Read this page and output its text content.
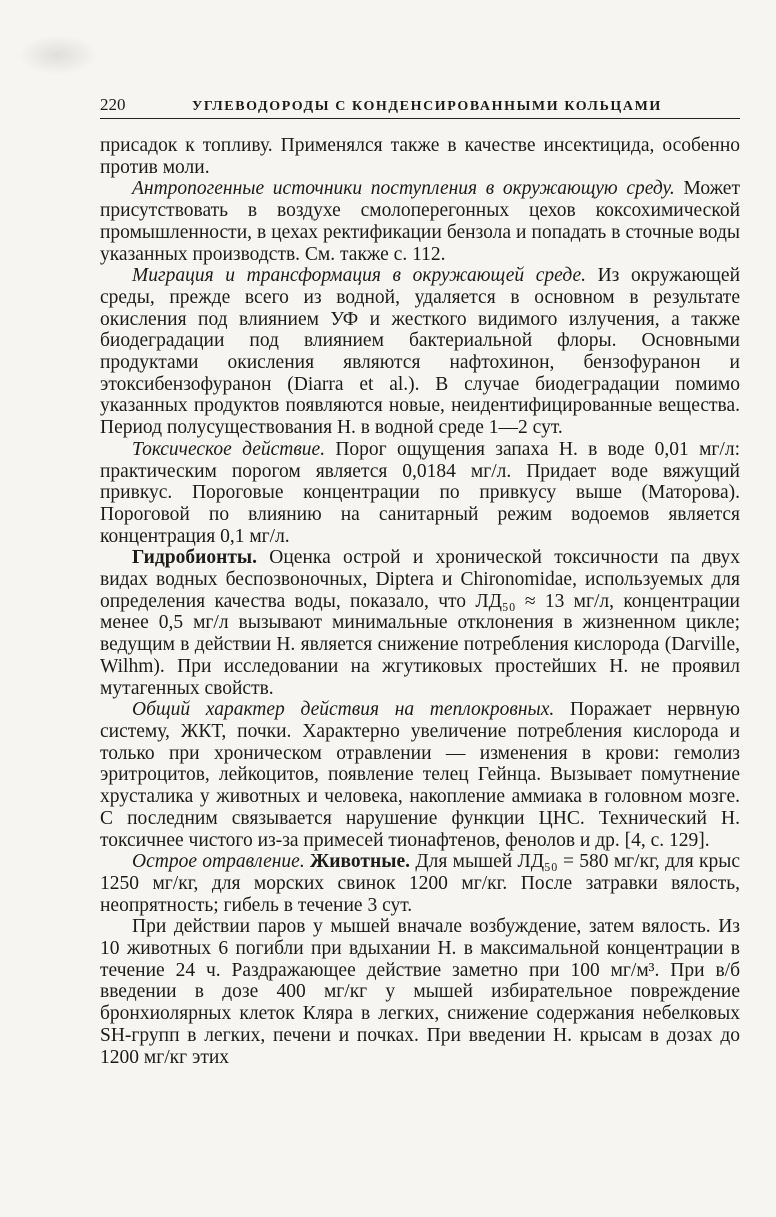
220	УГЛЕВОДОРОДЫ С КОНДЕНСИРОВАННЫМИ КОЛЬЦАМИ

присадок к топливу. Применялся также в качестве инсектицида, особенно против моли.

Антропогенные источники поступления в окружающую среду. Может присутствовать в воздухе смолоперегонных цехов коксохимической промышленности, в цехах ректификации бензола и попадать в сточные воды указанных производств. См. также с. 112.

Миграция и трансформация в окружающей среде. Из окружающей среды, прежде всего из водной, удаляется в основном в результате окисления под влиянием УФ и жесткого видимого излучения, а также биодеградации под влиянием бактериальной флоры. Основными продуктами окисления являются нафтохинон, бензофуранон и этоксибензофуранон (Diarra et al.). В случае биодеградации помимо указанных продуктов появляются новые, неидентифицированные вещества. Период полусуществования Н. в водной среде 1—2 сут.

Токсическое действие. Порог ощущения запаха Н. в воде 0,01 мг/л: практическим порогом является 0,0184 мг/л. Придает воде вяжущий привкус. Пороговые концентрации по привкусу выше (Маторова). Пороговой по влиянию на санитарный режим водоемов является концентрация 0,1 мг/л.

Гидробионты. Оценка острой и хронической токсичности па двух видах водных беспозвоночных, Diptera и Chironomidae, используемых для определения качества воды, показало, что ЛД₅₀ ≈ 13 мг/л, концентрации менее 0,5 мг/л вызывают минимальные отклонения в жизненном цикле; ведущим в действии Н. является снижение потребления кислорода (Darville, Wilhm). При исследовании на жгутиковых простейших Н. не проявил мутагенных свойств.

Общий характер действия на теплокровных. Поражает нервную систему, ЖКТ, почки. Характерно увеличение потребления кислорода и только при хроническом отравлении — изменения в крови: гемолиз эритроцитов, лейкоцитов, появление телец Гейнца. Вызывает помутнение хрусталика у животных и человека, накопление аммиака в головном мозге. С последним связывается нарушение функции ЦНС. Технический Н. токсичнее чистого из-за примесей тионафтенов, фенолов и др. [4, с. 129].

Острое отравление. Животные. Для мышей ЛД₅₀ = 580 мг/кг, для крыс 1250 мг/кг, для морских свинок 1200 мг/кг. После затравки вялость, неопрятность; гибель в течение 3 сут.

При действии паров у мышей вначале возбуждение, затем вялость. Из 10 животных 6 погибли при вдыхании Н. в максимальной концентрации в течение 24 ч. Раздражающее действие заметно при 100 мг/м³. При в/б введении в дозе 400 мг/кг у мышей избирательное повреждение бронхиолярных клеток Кляра в легких, снижение содержания небелковых SH-групп в легких, печени и почках. При введении Н. крысам в дозах до 1200 мг/кг этих
